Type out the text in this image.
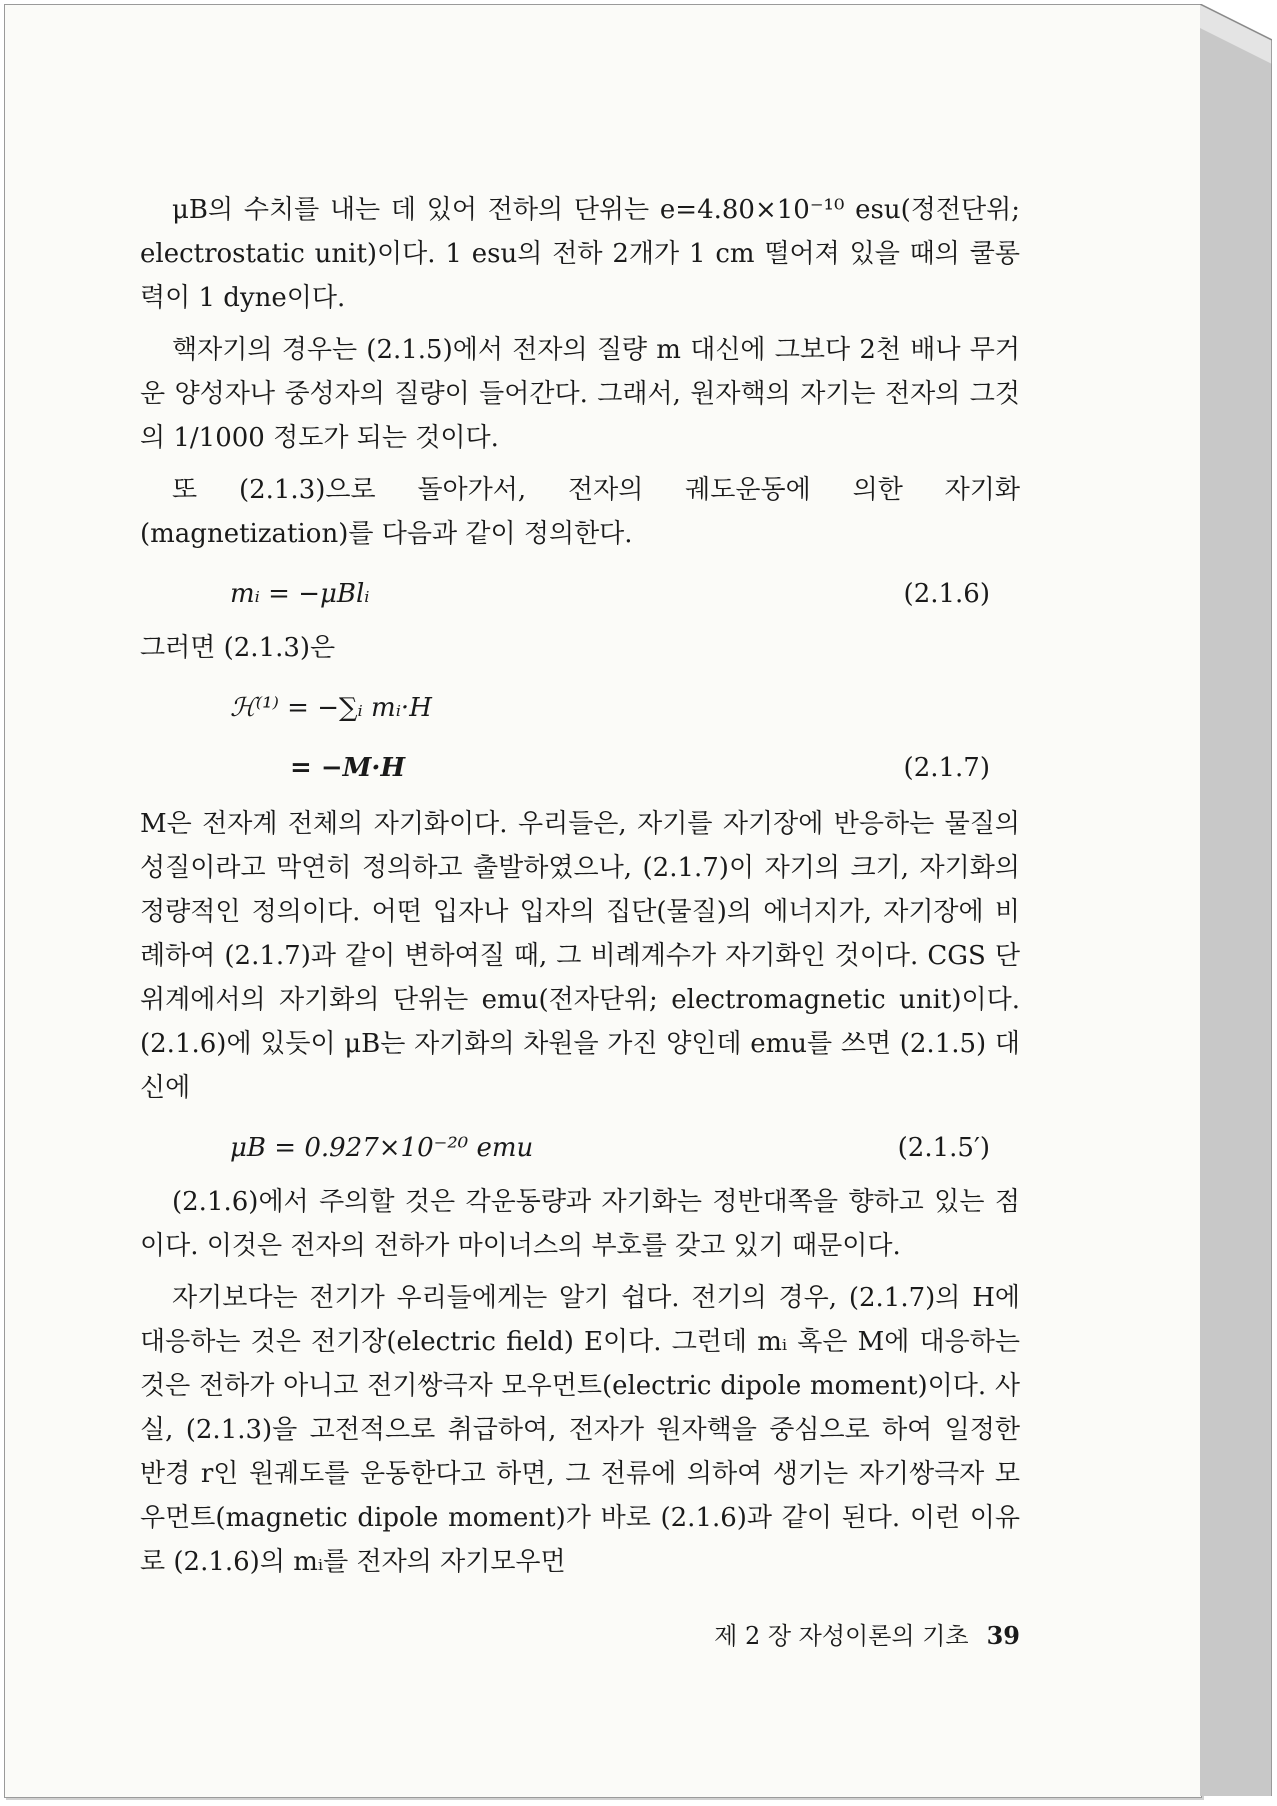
μB의 수치를 내는 데 있어 전하의 단위는 e=4.80×10⁻¹⁰ esu(정전단위; electrostatic unit)이다. 1 esu의 전하 2개가 1 cm 떨어져 있을 때의 쿨롱력이 1 dyne이다.

핵자기의 경우는 (2.1.5)에서 전자의 질량 m 대신에 그보다 2천 배나 무거운 양성자나 중성자의 질량이 들어간다. 그래서, 원자핵의 자기는 전자의 그것의 1/1000 정도가 되는 것이다.

또 (2.1.3)으로 돌아가서, 전자의 궤도운동에 의한 자기화(magnetization)를 다음과 같이 정의한다.

mᵢ = −μBlᵢ	(2.1.6)

그러면 (2.1.3)은

ℋ⁽¹⁾ = −∑ᵢ mᵢ·H
= −M·H	(2.1.7)

M은 전자계 전체의 자기화이다. 우리들은, 자기를 자기장에 반응하는 물질의 성질이라고 막연히 정의하고 출발하였으나, (2.1.7)이 자기의 크기, 자기화의 정량적인 정의이다. 어떤 입자나 입자의 집단(물질)의 에너지가, 자기장에 비례하여 (2.1.7)과 같이 변하여질 때, 그 비례계수가 자기화인 것이다. CGS 단위계에서의 자기화의 단위는 emu(전자단위; electromagnetic unit)이다. (2.1.6)에 있듯이 μB는 자기화의 차원을 가진 양인데 emu를 쓰면 (2.1.5) 대신에

μB = 0.927×10⁻²⁰ emu	(2.1.5′)

(2.1.6)에서 주의할 것은 각운동량과 자기화는 정반대쪽을 향하고 있는 점이다. 이것은 전자의 전하가 마이너스의 부호를 갖고 있기 때문이다.

자기보다는 전기가 우리들에게는 알기 쉽다. 전기의 경우, (2.1.7)의 H에 대응하는 것은 전기장(electric field) E이다. 그런데 mᵢ 혹은 M에 대응하는 것은 전하가 아니고 전기쌍극자 모우먼트(electric dipole moment)이다. 사실, (2.1.3)을 고전적으로 취급하여, 전자가 원자핵을 중심으로 하여 일정한 반경 r인 원궤도를 운동한다고 하면, 그 전류에 의하여 생기는 자기쌍극자 모우먼트(magnetic dipole moment)가 바로 (2.1.6)과 같이 된다. 이런 이유로 (2.1.6)의 mᵢ를 전자의 자기모우먼

제 2 장 자성이론의 기초 39
